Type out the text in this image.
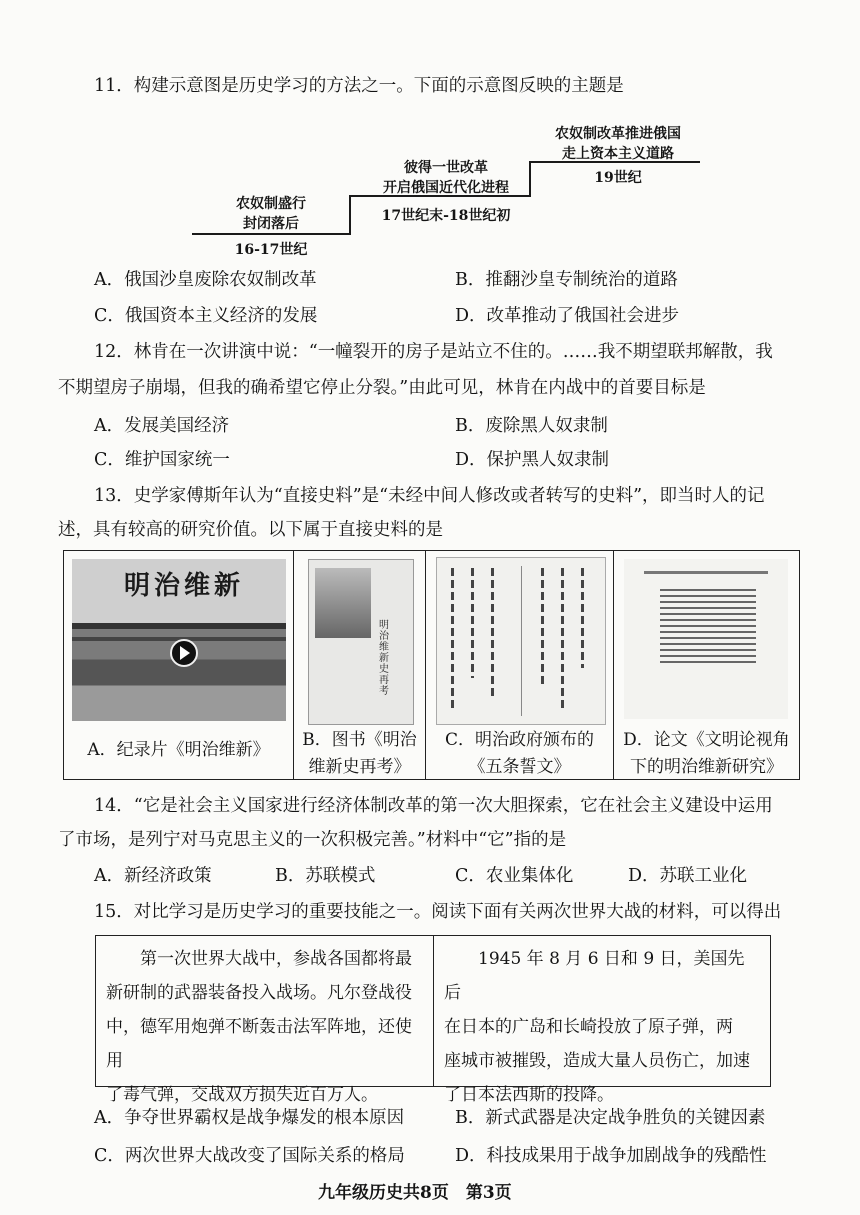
11．构建示意图是历史学习的方法之一。下面的示意图反映的主题是
农奴制盛行
封闭落后
16-17世纪
彼得一世改革
开启俄国近代化进程
17世纪末-18世纪初
农奴制改革推进俄国
走上资本主义道路
19世纪
A．俄国沙皇废除农奴制改革	B．推翻沙皇专制统治的道路
C．俄国资本主义经济的发展	D．改革推动了俄国社会进步
12．林肯在一次讲演中说：“一幢裂开的房子是站立不住的。……我不期望联邦解散，我
不期望房子崩塌，但我的确希望它停止分裂。”由此可见，林肯在内战中的首要目标是
A．发展美国经济	B．废除黑人奴隶制
C．维护国家统一	D．保护黑人奴隶制
13．史学家傅斯年认为“直接史料”是“未经中间人修改或者转写的史料”，即当时人的记
述，具有较高的研究价值。以下属于直接史料的是
明治维新
A．纪录片《明治维新》
明治维新史再考
B．图书《明治
维新史再考》
C．明治政府颁布的
《五条誓文》
D．论文《文明论视角
下的明治维新研究》
14．“它是社会主义国家进行经济体制改革的第一次大胆探索，它在社会主义建设中运用
了市场，是列宁对马克思主义的一次积极完善。”材料中“它”指的是
A．新经济政策	B．苏联模式	C．农业集体化	D．苏联工业化
15．对比学习是历史学习的重要技能之一。阅读下面有关两次世界大战的材料，可以得出
第一次世界大战中，参战各国都将最
新研制的武器装备投入战场。凡尔登战役
中，德军用炮弹不断轰击法军阵地，还使用
了毒气弹，交战双方损失近百万人。
1945 年 8 月 6 日和 9 日，美国先后
在日本的广岛和长崎投放了原子弹，两
座城市被摧毁，造成大量人员伤亡，加速
了日本法西斯的投降。
A．争夺世界霸权是战争爆发的根本原因	B．新式武器是决定战争胜负的关键因素
C．两次世界大战改变了国际关系的格局	D．科技成果用于战争加剧战争的残酷性
九年级历史共8页　第3页
